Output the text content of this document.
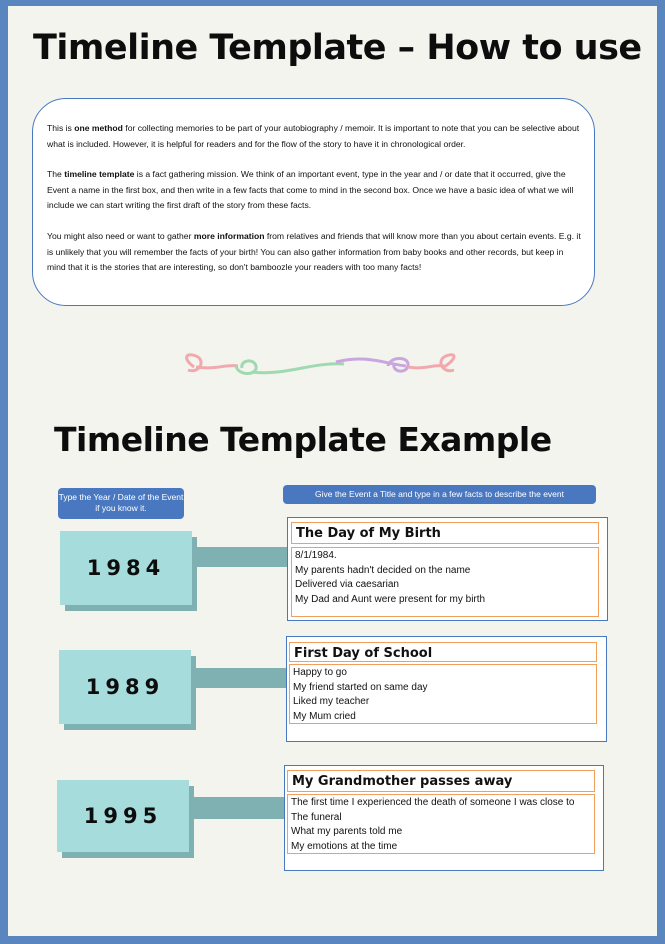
Timeline Template – How to use

This is one method for collecting memories to be part of your autobiography / memoir. It is important to note that you can be selective about what is included. However, it is helpful for readers and for the flow of the story to have it in chronological order.

The timeline template is a fact gathering mission. We think of an important event, type in the year and / or date that it occurred, give the Event a name in the first box, and then write in a few facts that come to mind in the second box. Once we have a basic idea of what we will include we can start writing the first draft of the story from these facts.

You might also need or want to gather more information from relatives and friends that will know more than you about certain events. E.g. it is unlikely that you will remember the facts of your birth! You can also gather information from baby books and other records, but keep in mind that it is the stories that are interesting, so don't bamboozle your readers with too many facts!

Timeline Template Example
Type the Year / Date of the Event if you know it.
Give the Event a Title and type in a few facts to describe the event
1984
The Day of My Birth
8/1/1984.
My parents hadn't decided on the name
Delivered via caesarian
My Dad and Aunt were present for my birth
1989
First Day of School
Happy to go
My friend started on same day
Liked my teacher
My Mum cried
1995
My Grandmother passes away
The first time I experienced the death of someone I was close to
The funeral
What my parents told me
My emotions at the time
